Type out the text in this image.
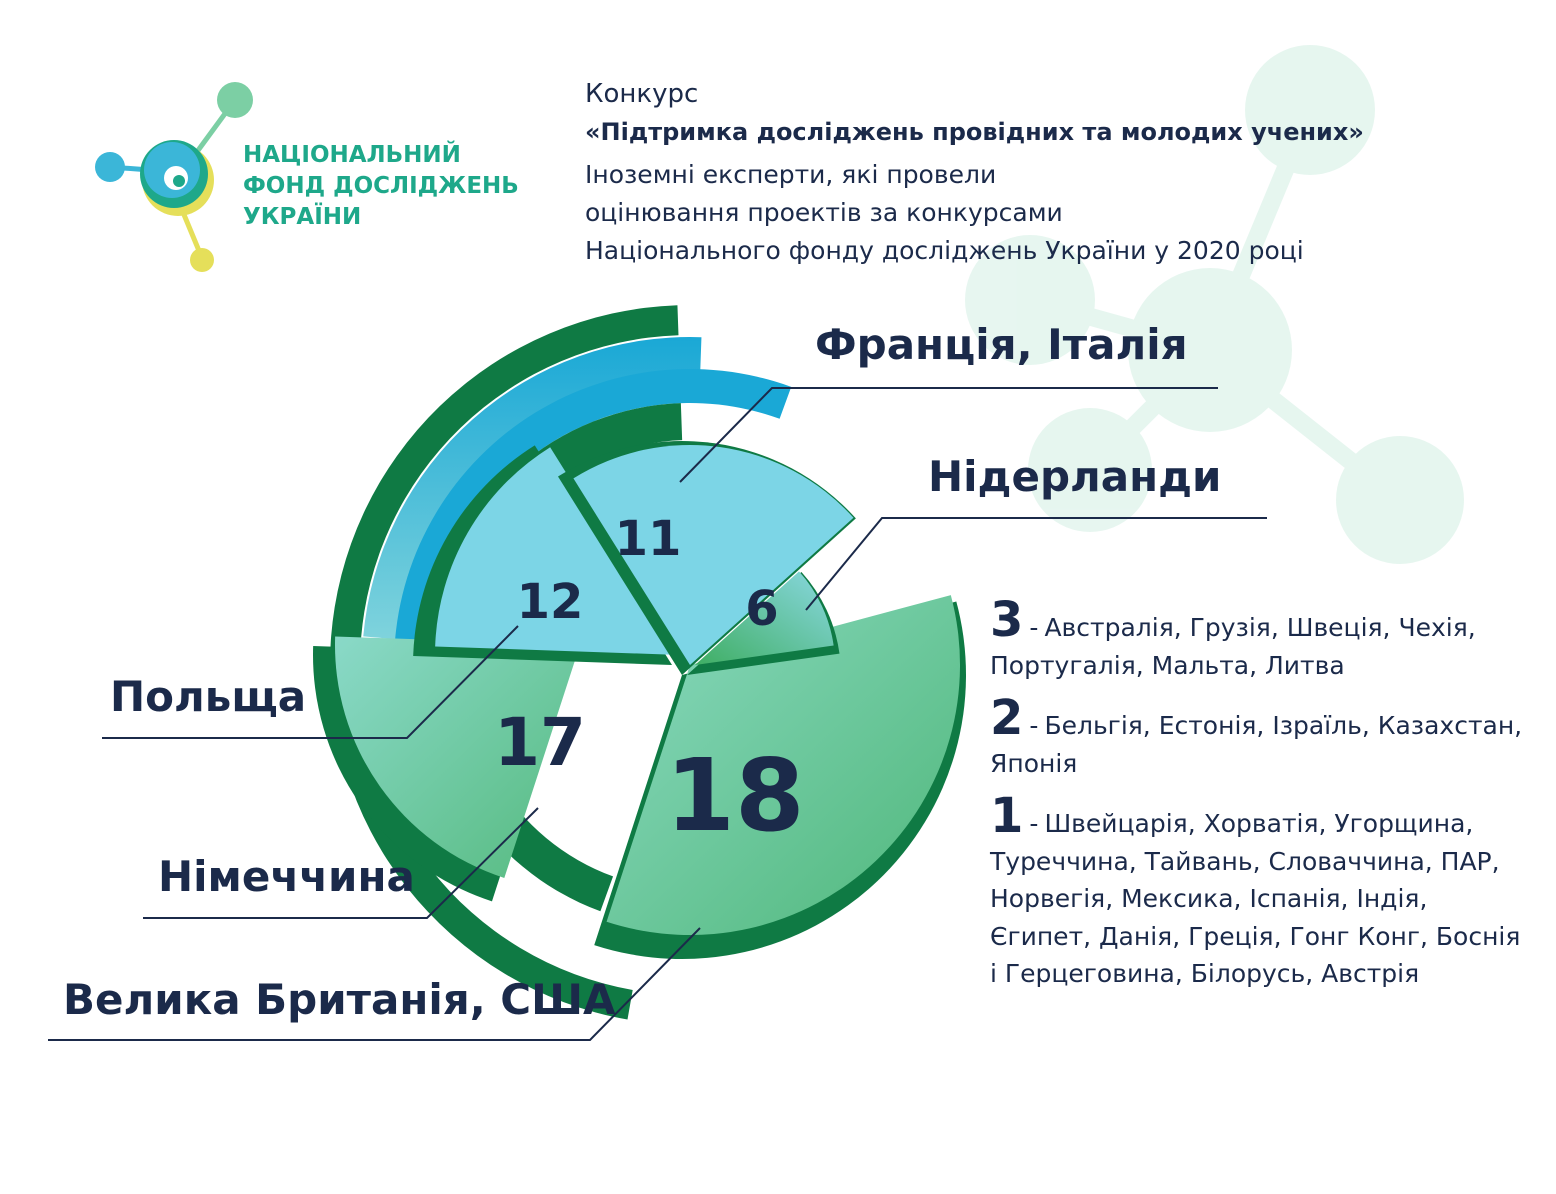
НАЦІОНАЛЬНИЙ
ФОНД ДОСЛІДЖЕНЬ
УКРАЇНИ
Конкурс
«Підтримка досліджень провідних та молодих учених»
Іноземні експерти, які провели
оцінювання проектів за конкурсами
Національного фонду досліджень України у 2020 році
18
17
12
11
6
Велика Британія, США
Німеччина
Польща
Франція, Італія
Нідерланди
3 - Австралія, Грузія, Швеція, Чехія, Португалія, Мальта, Литва
2 - Бельгія, Естонія, Ізраїль, Казахстан, Японія
1 - Швейцарія, Хорватія, Угорщина, Туреччина, Тайвань, Словаччина, ПАР, Норвегія, Мексика, Іспанія, Індія, Єгипет, Данія, Греція, Гонг Конг, Боснія і Герцеговина, Білорусь, Австрія
